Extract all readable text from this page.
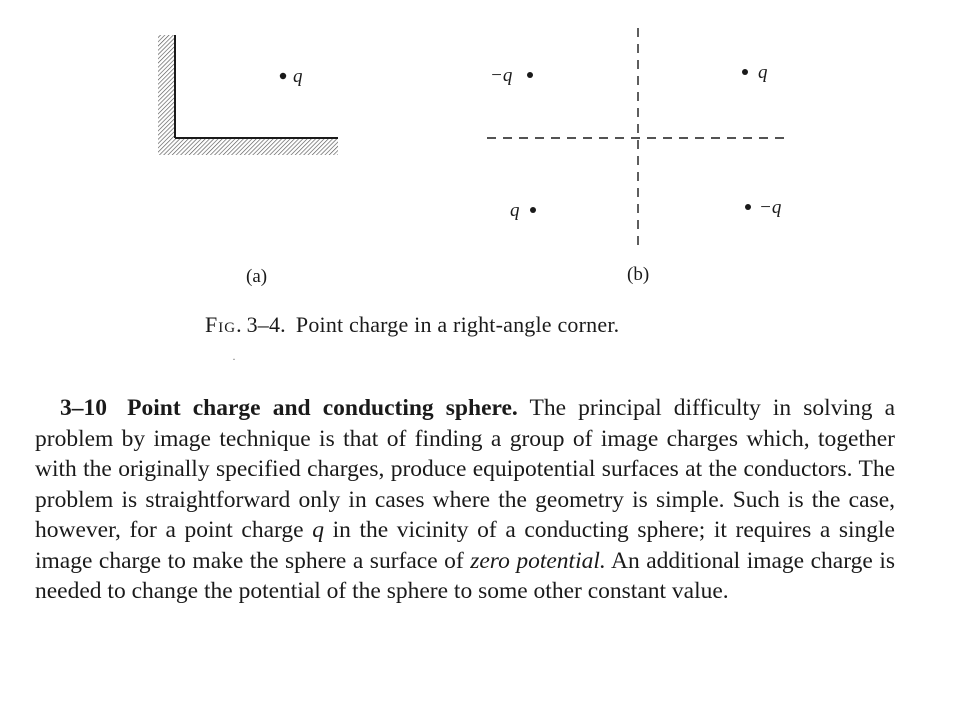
q
(a)
−q	q
q	−q
(b)
Fig. 3–4. Point charge in a right-angle corner.
·
3–10 Point charge and conducting sphere. The principal difficulty in solving a problem by image technique is that of finding a group of image charges which, together with the originally specified charges, produce equipotential surfaces at the conductors. The problem is straightforward only in cases where the geometry is simple. Such is the case, however, for a point charge q in the vicinity of a conducting sphere; it requires a single image charge to make the sphere a surface of zero potential. An additional image charge is needed to change the potential of the sphere to some other constant value.
